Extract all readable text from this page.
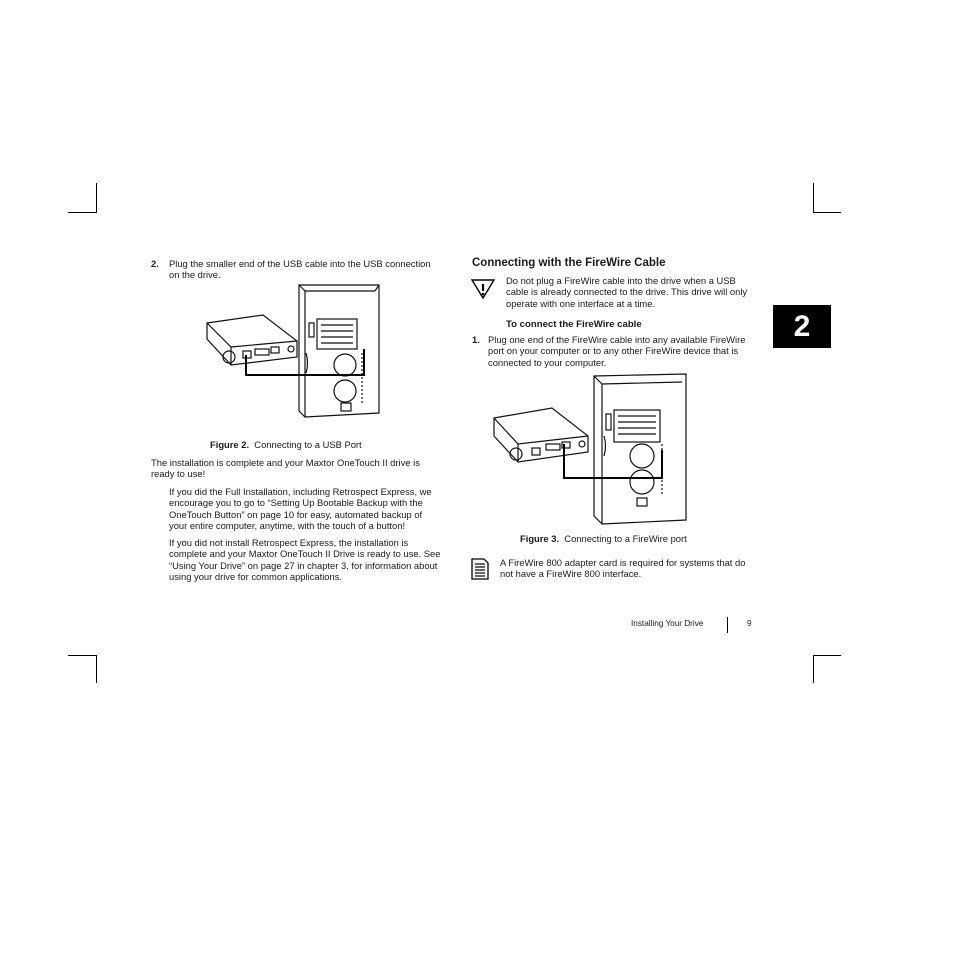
2. Plug the smaller end of the USB cable into the USB connection on the drive.
Figure 2. Connecting to a USB Port
The installation is complete and your Maxtor OneTouch II drive is ready to use!
If you did the Full Installation, including Retrospect Express, we encourage you to go to “Setting Up Bootable Backup with the OneTouch Button” on page 10 for easy, automated backup of your entire computer, anytime, with the touch of a button!
If you did not install Retrospect Express, the installation is complete and your Maxtor OneTouch II Drive is ready to use. See “Using Your Drive” on page 27 in chapter 3, for information about using your drive for common applications.
Connecting with the FireWire Cable
Do not plug a FireWire cable into the drive when a USB cable is already connected to the drive. This drive will only operate with one interface at a time.
To connect the FireWire cable
1. Plug one end of the FireWire cable into any available FireWire port on your computer or to any other FireWire device that is connected to your computer.
Figure 3. Connecting to a FireWire port
A FireWire 800 adapter card is required for systems that do not have a FireWire 800 interface.
2
Installing Your Drive	9
